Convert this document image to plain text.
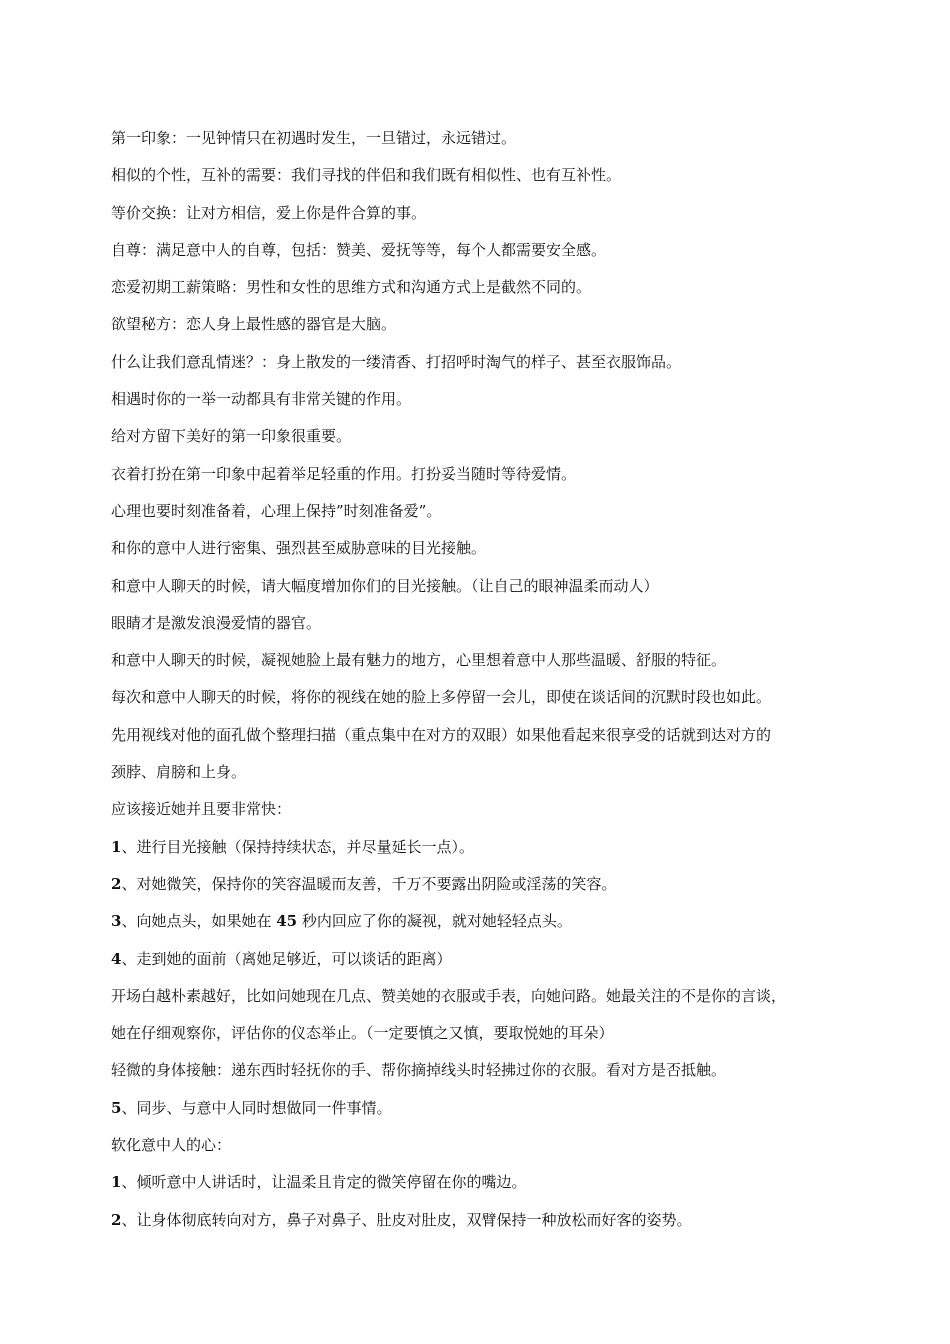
第一印象：一见钟情只在初遇时发生，一旦错过，永远错过。

相似的个性，互补的需要：我们寻找的伴侣和我们既有相似性、也有互补性。

等价交换：让对方相信，爱上你是件合算的事。

自尊：满足意中人的自尊，包括：赞美、爱抚等等，每个人都需要安全感。

恋爱初期工薪策略：男性和女性的思维方式和沟通方式上是截然不同的。

欲望秘方：恋人身上最性感的器官是大脑。

什么让我们意乱情迷？：身上散发的一缕清香、打招呼时淘气的样子、甚至衣服饰品。

相遇时你的一举一动都具有非常关键的作用。

给对方留下美好的第一印象很重要。

衣着打扮在第一印象中起着举足轻重的作用。打扮妥当随时等待爱情。

心理也要时刻准备着，心理上保持”时刻准备爱”。

和你的意中人进行密集、强烈甚至威胁意味的目光接触。

和意中人聊天的时候，请大幅度增加你们的目光接触。（让自己的眼神温柔而动人）

眼睛才是激发浪漫爱情的器官。

和意中人聊天的时候，凝视她脸上最有魅力的地方，心里想着意中人那些温暖、舒服的特征。

每次和意中人聊天的时候，将你的视线在她的脸上多停留一会儿，即使在谈话间的沉默时段也如此。

先用视线对他的面孔做个整理扫描（重点集中在对方的双眼）如果他看起来很享受的话就到达对方的

颈脖、肩膀和上身。

应该接近她并且要非常快：

1、进行目光接触（保持持续状态，并尽量延长一点）。

2、对她微笑，保持你的笑容温暖而友善，千万不要露出阴险或淫荡的笑容。

3、向她点头，如果她在 45 秒内回应了你的凝视，就对她轻轻点头。

4、走到她的面前（离她足够近，可以谈话的距离）

开场白越朴素越好，比如问她现在几点、赞美她的衣服或手表，向她问路。她最关注的不是你的言谈，

她在仔细观察你，评估你的仪态举止。（一定要慎之又慎，要取悦她的耳朵）

轻微的身体接触：递东西时轻抚你的手、帮你摘掉线头时轻拂过你的衣服。看对方是否抵触。

5、同步、与意中人同时想做同一件事情。

软化意中人的心：

1、倾听意中人讲话时，让温柔且肯定的微笑停留在你的嘴边。

2、让身体彻底转向对方，鼻子对鼻子、肚皮对肚皮，双臂保持一种放松而好客的姿势。
